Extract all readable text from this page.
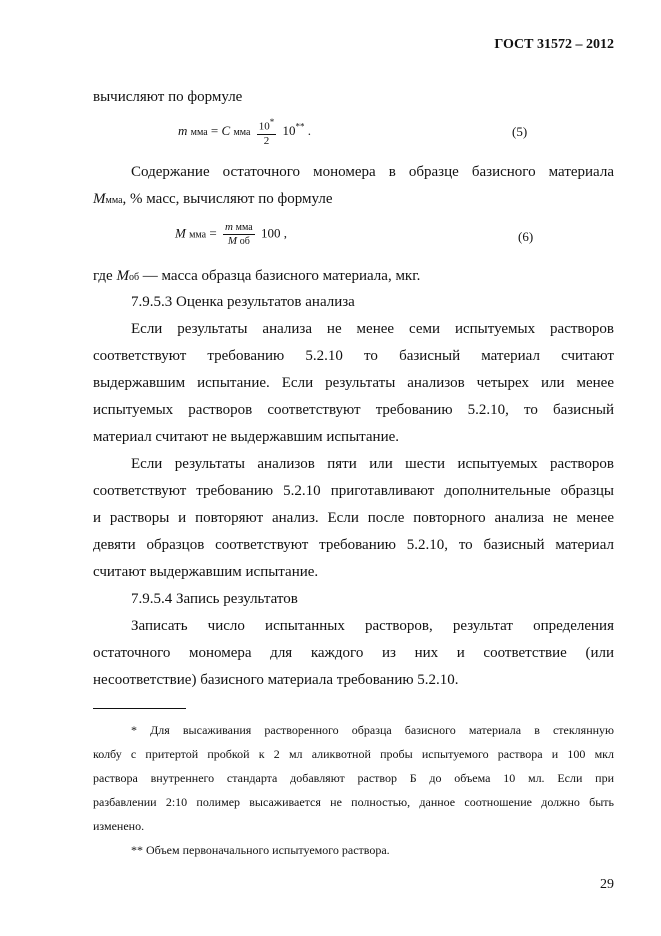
ГОСТ 31572 – 2012
вычисляют по формуле
m мма = C мма $\frac{10^*}{2} 10^{**}$ .	(5)
Содержание остаточного мономера в образце базисного материала
Mмма, % масс, вычисляют по формуле
M мма = $\frac{\text{m мма}}{\text{M об}} 100$ ,	(6)
где Mоб — масса образца базисного материала, мкг.
7.9.5.3 Оценка результатов анализа
Если результаты анализа не менее семи испытуемых растворов
соответствуют требованию 5.2.10 то базисный материал считают
выдержавшим испытание. Если результаты анализов четырех или менее
испытуемых растворов соответствуют требованию 5.2.10, то базисный
материал считают не выдержавшим испытание.
Если результаты анализов пяти или шести испытуемых растворов
соответствуют требованию 5.2.10 приготавливают дополнительные образцы
и растворы и повторяют анализ. Если после повторного анализа не менее
девяти образцов соответствуют требованию 5.2.10, то базисный материал
считают выдержавшим испытание.
7.9.5.4 Запись результатов
Записать число испытанных растворов, результат определения
остаточного мономера для каждого из них и соответствие (или
несоответствие) базисного материала требованию 5.2.10.
* Для высаживания растворенного образца базисного материала в стеклянную
колбу с притертой пробкой к 2 мл аликвотной пробы испытуемого раствора и 100 мкл
раствора внутреннего стандарта добавляют раствор Б до объема 10 мл. Если при
разбавлении 2:10 полимер высаживается не полностью, данное соотношение должно быть
изменено.
** Объем первоначального испытуемого раствора.
29
